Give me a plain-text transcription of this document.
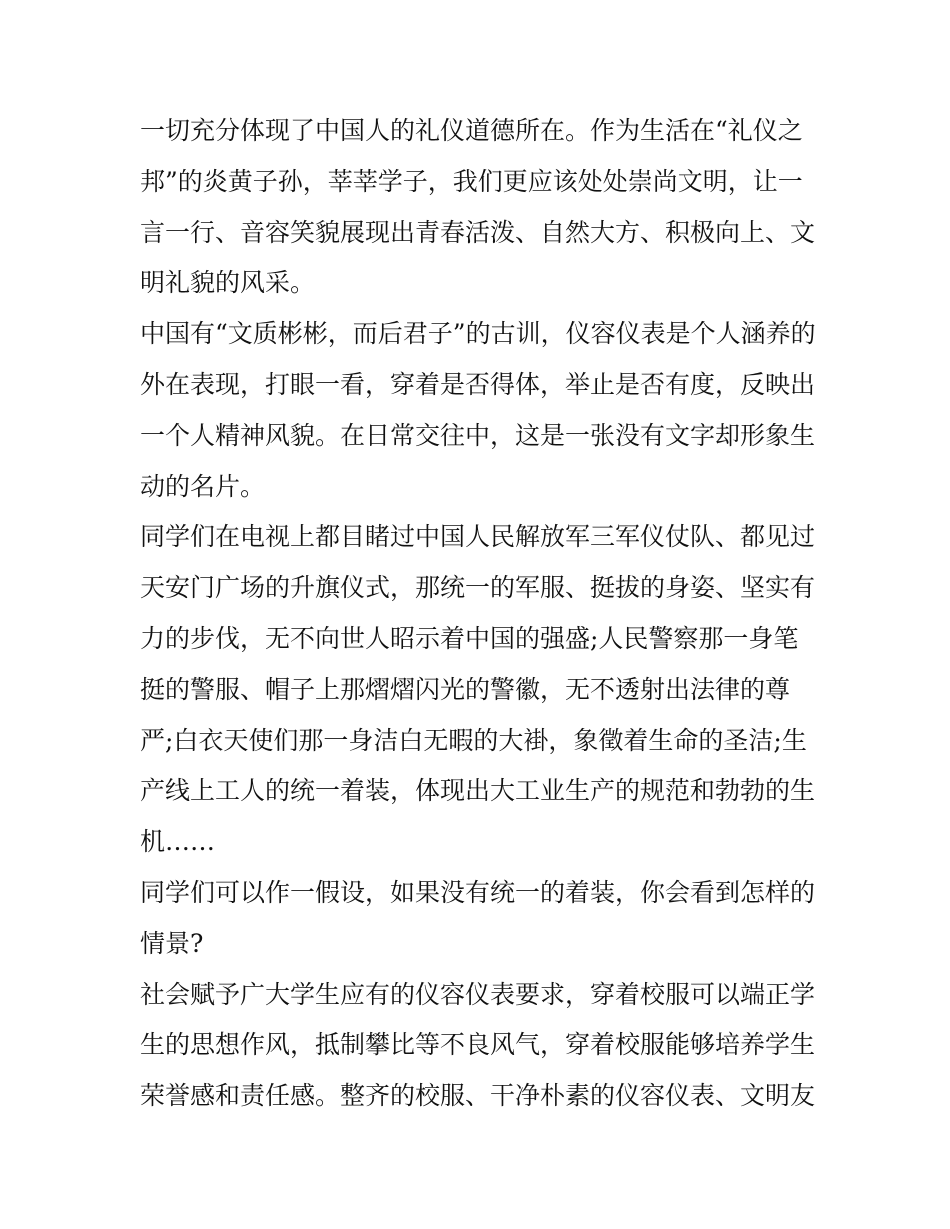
一切充分体现了中国人的礼仪道德所在。作为生活在“礼仪之
邦”的炎黄子孙，莘莘学子，我们更应该处处崇尚文明，让一
言一行、音容笑貌展现出青春活泼、自然大方、积极向上、文
明礼貌的风采。
中国有“文质彬彬，而后君子”的古训，仪容仪表是个人涵养的
外在表现，打眼一看，穿着是否得体，举止是否有度，反映出
一个人精神风貌。在日常交往中，这是一张没有文字却形象生
动的名片。
同学们在电视上都目睹过中国人民解放军三军仪仗队、都见过
天安门广场的升旗仪式，那统一的军服、挺拔的身姿、坚实有
力的步伐，无不向世人昭示着中国的强盛;人民警察那一身笔
挺的警服、帽子上那熠熠闪光的警徽，无不透射出法律的尊
严;白衣天使们那一身洁白无暇的大褂，象徵着生命的圣洁;生
产线上工人的统一着装，体现出大工业生产的规范和勃勃的生
机……
同学们可以作一假设，如果没有统一的着装，你会看到怎样的
情景?
社会赋予广大学生应有的仪容仪表要求，穿着校服可以端正学
生的思想作风，抵制攀比等不良风气，穿着校服能够培养学生
荣誉感和责任感。整齐的校服、干净朴素的仪容仪表、文明友
